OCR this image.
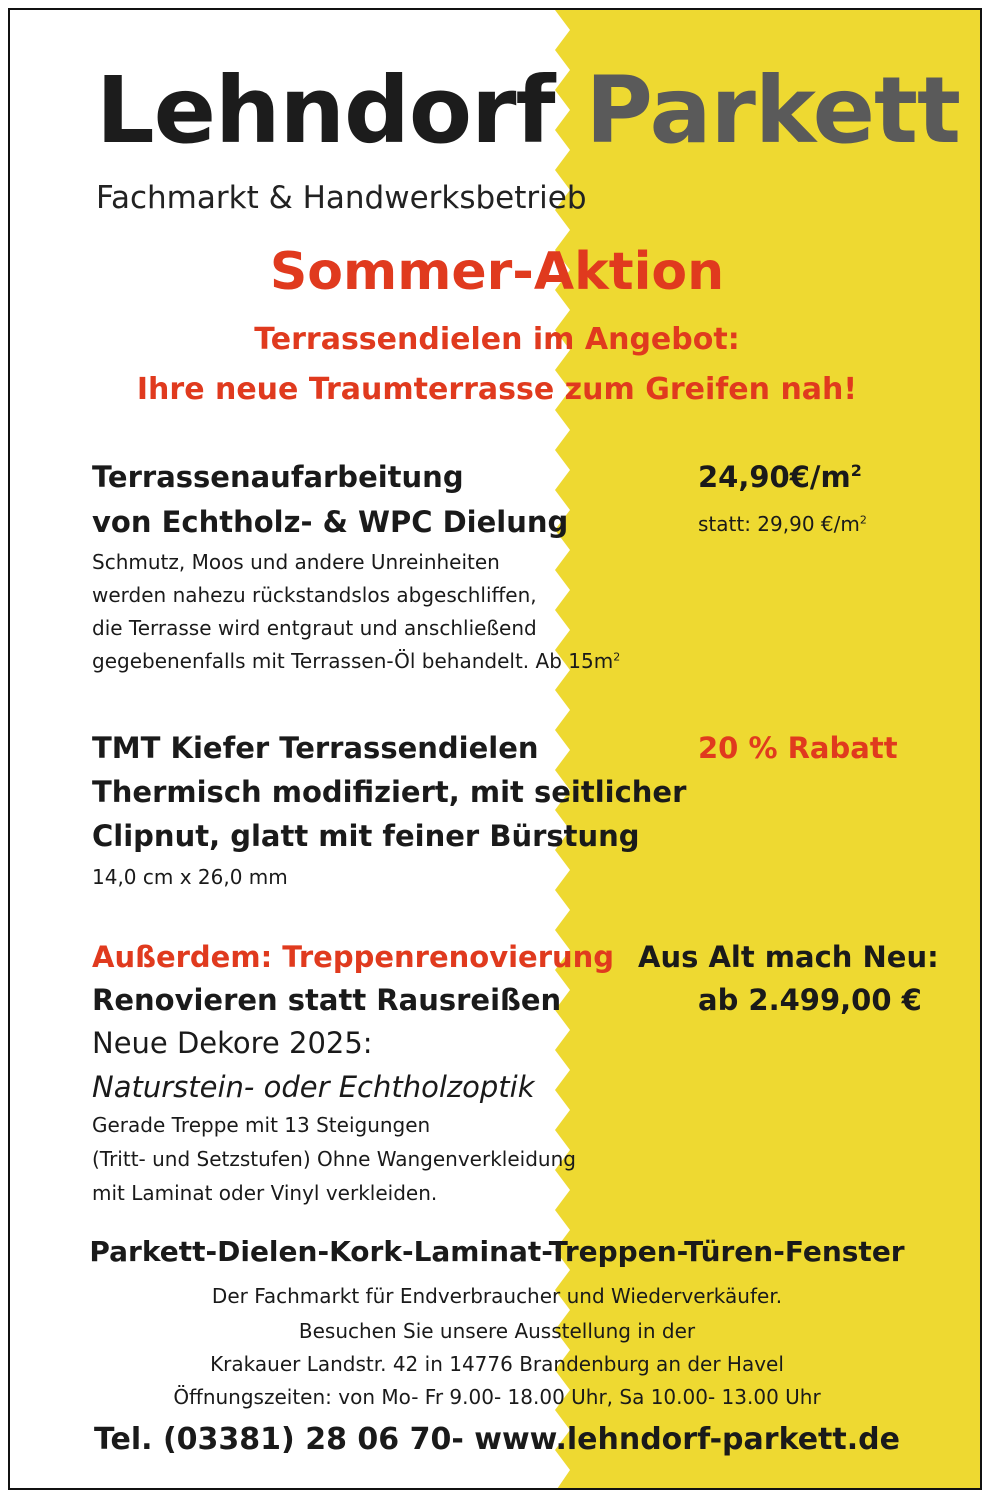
Lehndorf Parkett
Fachmarkt & Handwerksbetrieb
Sommer-Aktion
Terrassendielen im Angebot:
Ihre neue Traumterrasse zum Greifen nah!
Terrassenaufarbeitung
von Echtholz- & WPC Dielung
$24,90€/m^2$
statt: 29,90 $€/m^2$
Schmutz, Moos und andere Unreinheiten
werden nahezu rückstandslos abgeschliffen,
die Terrasse wird entgraut und anschließend
gegebenenfalls mit Terrassen-Öl behandelt. Ab $15m^2$
TMT Kiefer Terrassendielen
Thermisch modifiziert, mit seitlicher
Clipnut, glatt mit feiner Bürstung
20 % Rabatt
14,0 cm x 26,0 mm
Außerdem: Treppenrenovierung
Renovieren statt Rausreißen
Neue Dekore 2025:
Naturstein- oder Echtholzoptik
Gerade Treppe mit 13 Steigungen
(Tritt- und Setzstufen) Ohne Wangenverkleidung
mit Laminat oder Vinyl verkleiden.
Aus Alt mach Neu:
ab 2.499,00 €
Parkett-Dielen-Kork-Laminat-Treppen-Türen-Fenster
Der Fachmarkt für Endverbraucher und Wiederverkäufer.
Besuchen Sie unsere Ausstellung in der
Krakauer Landstr. 42 in 14776 Brandenburg an der Havel
Öffnungszeiten: von Mo- Fr 9.00- 18.00 Uhr, Sa 10.00- 13.00 Uhr
Tel. (03381) 28 06 70- www.lehndorf-parkett.de
